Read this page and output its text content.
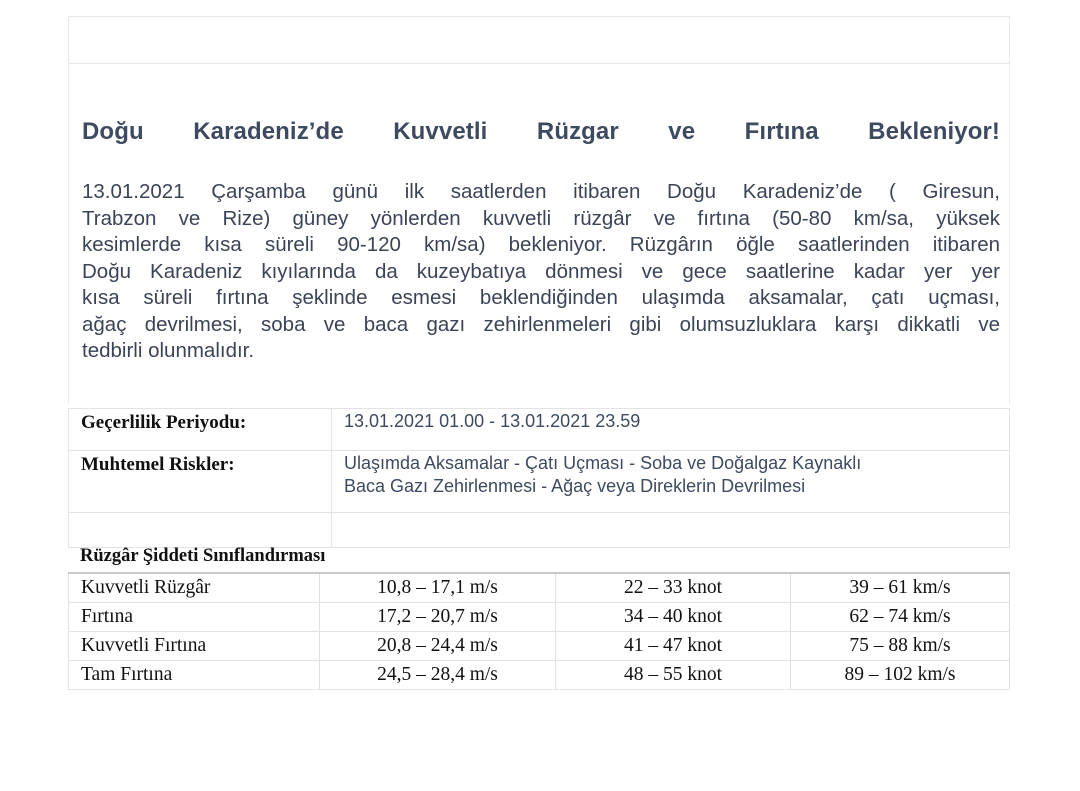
Doğu Karadeniz’de Kuvvetli Rüzgar ve Fırtına Bekleniyor!
13.01.2021 Çarşamba günü ilk saatlerden itibaren Doğu Karadeniz’de ( Giresun,
Trabzon ve Rize) güney yönlerden kuvvetli rüzgâr ve fırtına (50-80 km/sa, yüksek
kesimlerde kısa süreli 90-120 km/sa) bekleniyor. Rüzgârın öğle saatlerinden itibaren
Doğu Karadeniz kıyılarında da kuzeybatıya dönmesi ve gece saatlerine kadar yer yer
kısa süreli fırtına şeklinde esmesi beklendiğinden ulaşımda aksamalar, çatı uçması,
ağaç devrilmesi, soba ve baca gazı zehirlenmeleri gibi olumsuzluklara karşı dikkatli ve
tedbirli olunmalıdır.
Geçerlilik Periyodu:	13.01.2021 01.00 - 13.01.2021 23.59
Muhtemel Riskler:	Ulaşımda Aksamalar - Çatı Uçması - Soba ve Doğalgaz Kaynaklı
Baca Gazı Zehirlenmesi - Ağaç veya Direklerin Devrilmesi

Rüzgâr Şiddeti Sınıflandırması
Kuvvetli Rüzgâr	10,8 – 17,1 m/s	22 – 33 knot	39 – 61 km/s
Fırtına	17,2 – 20,7 m/s	34 – 40 knot	62 – 74 km/s
Kuvvetli Fırtına	20,8 – 24,4 m/s	41 – 47 knot	75 – 88 km/s
Tam Fırtına	24,5 – 28,4 m/s	48 – 55 knot	89 – 102 km/s
